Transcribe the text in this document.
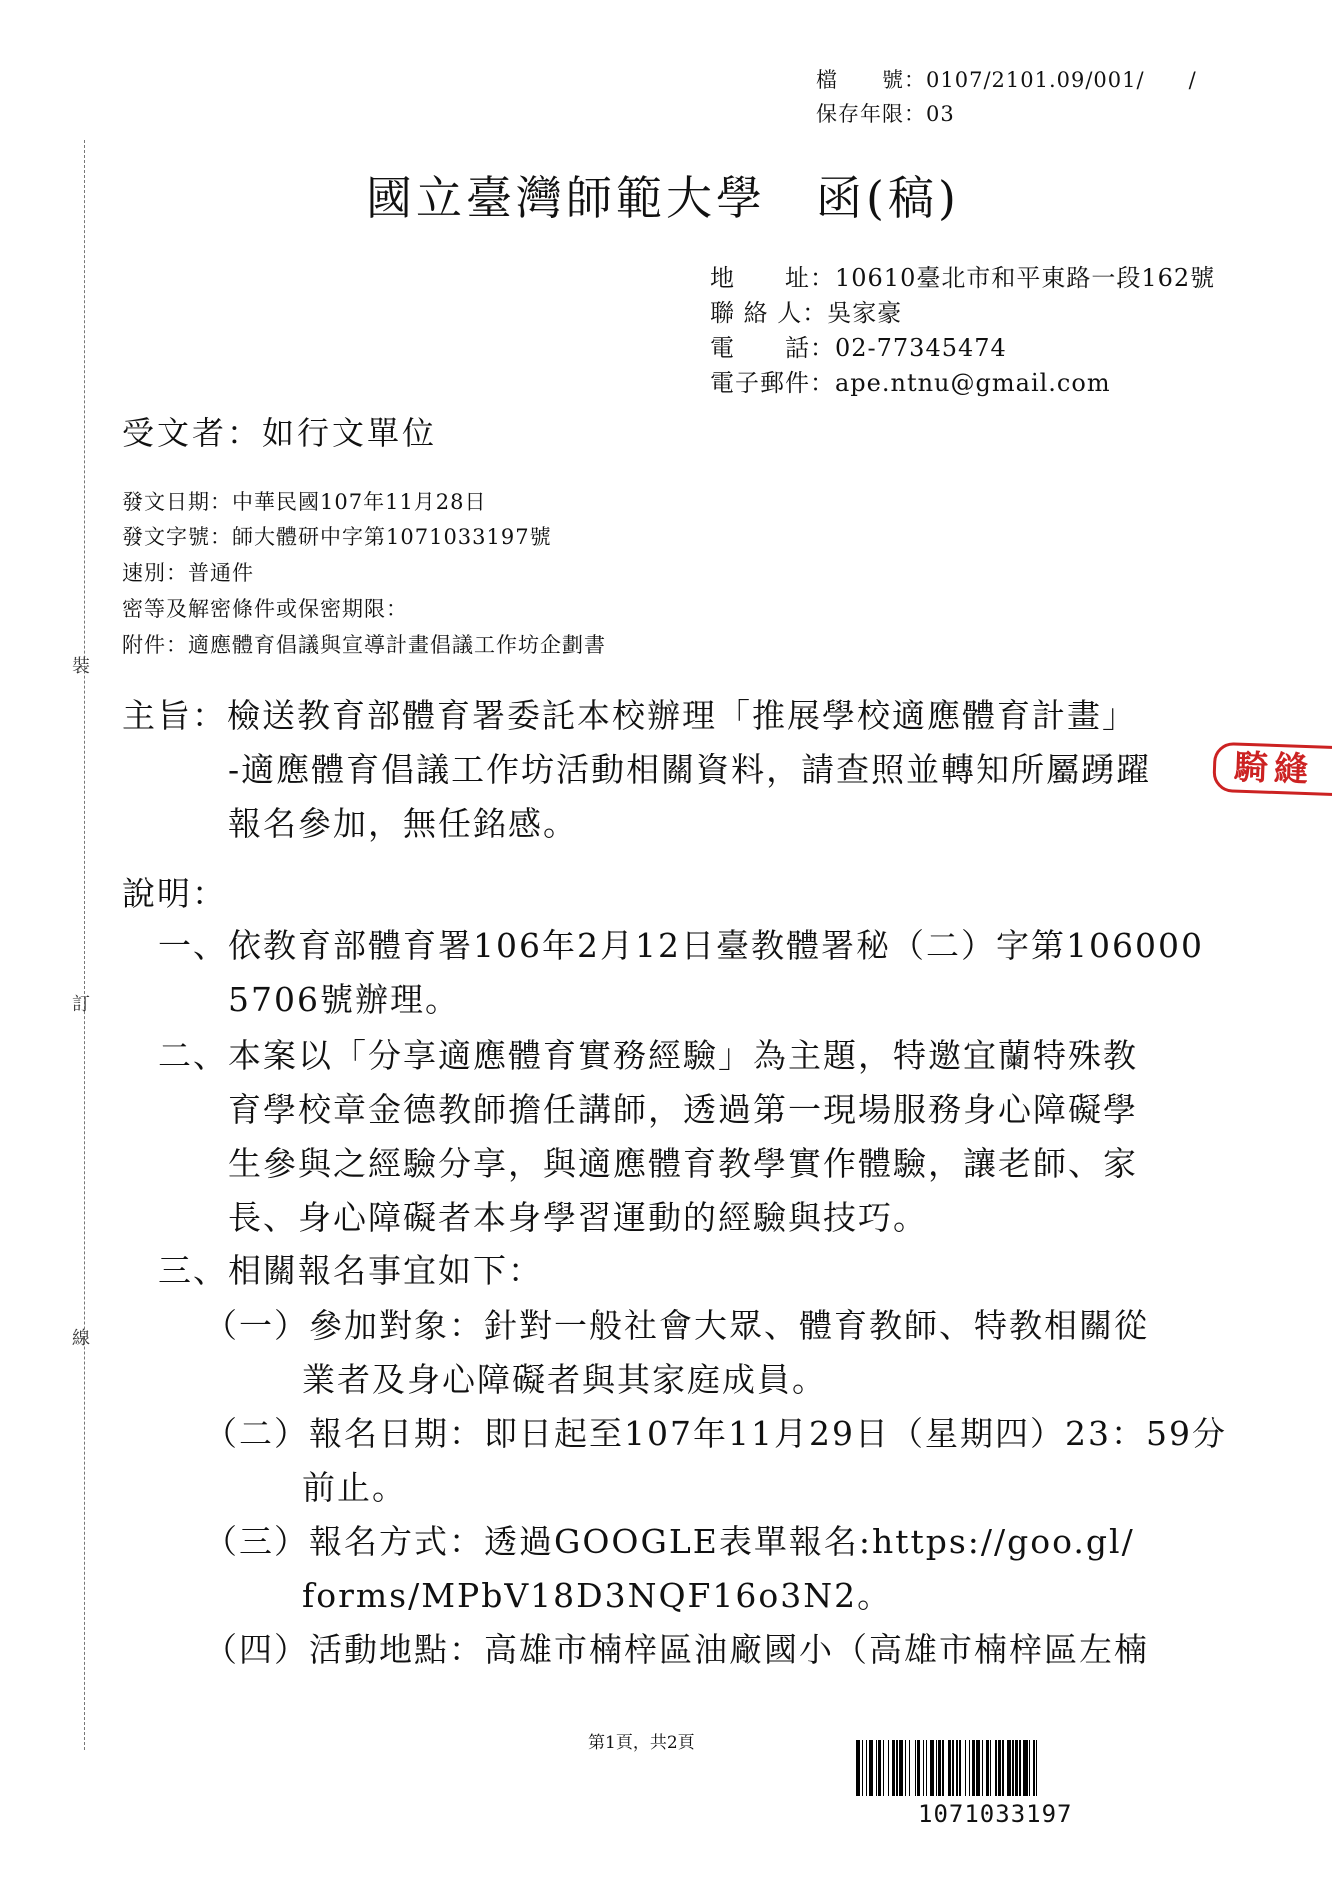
檔　　號：0107/2101.09/001/　　/
保存年限：03
裝
訂
線
國立臺灣師範大學　函(稿)
地　　址：10610臺北市和平東路一段162號
聯 絡 人：吳家豪
電　　話：02-77345474
電子郵件：ape.ntnu@gmail.com
受文者：如行文單位
發文日期：中華民國107年11月28日
發文字號：師大體研中字第1071033197號
速別：普通件
密等及解密條件或保密期限：
附件：適應體育倡議與宣導計畫倡議工作坊企劃書
主旨：檢送教育部體育署委託本校辦理「推展學校適應體育計畫」
-適應體育倡議工作坊活動相關資料，請查照並轉知所屬踴躍
報名參加，無任銘感。
騎縫
說明：
一、依教育部體育署106年2月12日臺教體署秘（二）字第106000
5706號辦理。
二、本案以「分享適應體育實務經驗」為主題，特邀宜蘭特殊教
育學校章金德教師擔任講師，透過第一現場服務身心障礙學
生參與之經驗分享，與適應體育教學實作體驗，讓老師、家
長、身心障礙者本身學習運動的經驗與技巧。
三、相關報名事宜如下：
（一）參加對象：針對一般社會大眾、體育教師、特教相關從
業者及身心障礙者與其家庭成員。
（二）報名日期：即日起至107年11月29日（星期四）23：59分
前止。
（三）報名方式：透過GOOGLE表單報名:https://goo.gl/
forms/MPbV18D3NQF16o3N2。
（四）活動地點：高雄市楠梓區油廠國小（高雄市楠梓區左楠
第1頁，共2頁
1071033197
